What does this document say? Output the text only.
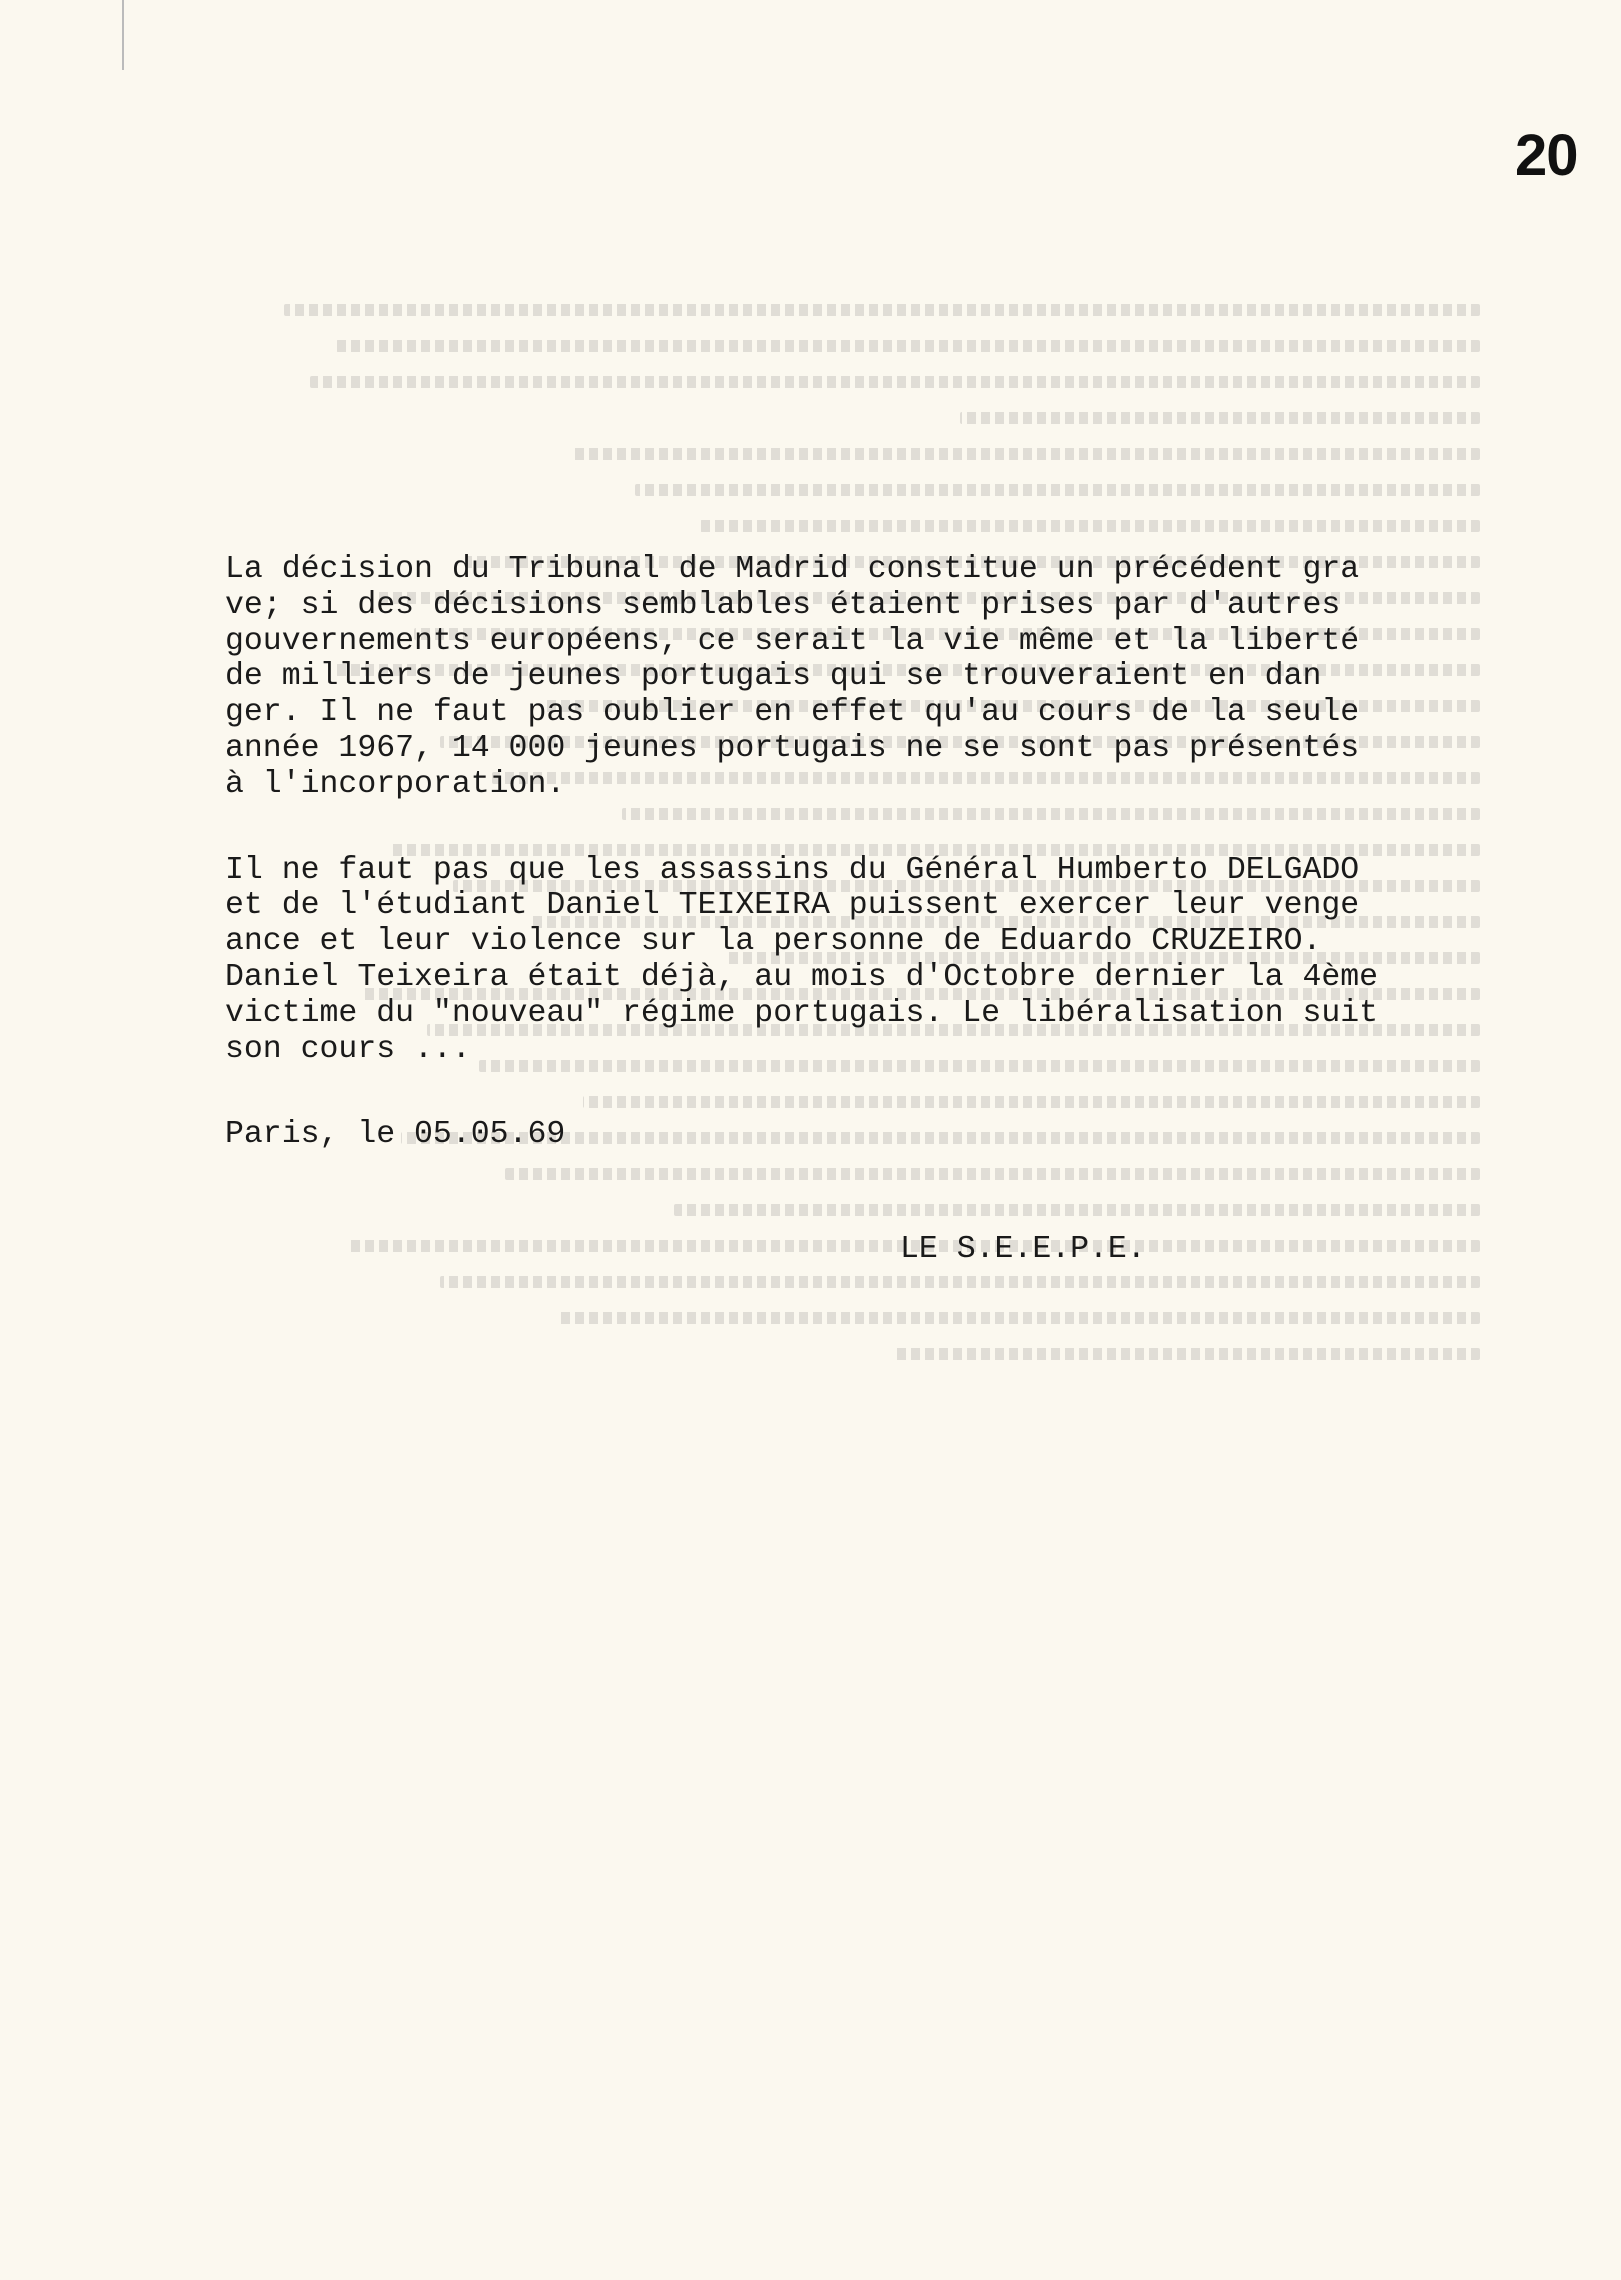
20

La décision du Tribunal de Madrid constitue un précédent gra
ve; si des décisions semblables étaient prises par d'autres
gouvernements européens, ce serait la vie même et la liberté
de milliers de jeunes portugais qui se trouveraient en dan
ger. Il ne faut pas oublier en effet qu'au cours de la seule
année 1967, 14 000 jeunes portugais ne se sont pas présentés
à l'incorporation.

Il ne faut pas que les assassins du Général Humberto DELGADO
et de l'étudiant Daniel TEIXEIRA puissent exercer leur venge
ance et leur violence sur la personne de Eduardo CRUZEIRO.
Daniel Teixeira était déjà, au mois d'Octobre dernier la 4ème
victime du "nouveau" régime portugais. Le libéralisation suit
son cours ...

Paris, le 05.05.69

LE S.E.E.P.E.
